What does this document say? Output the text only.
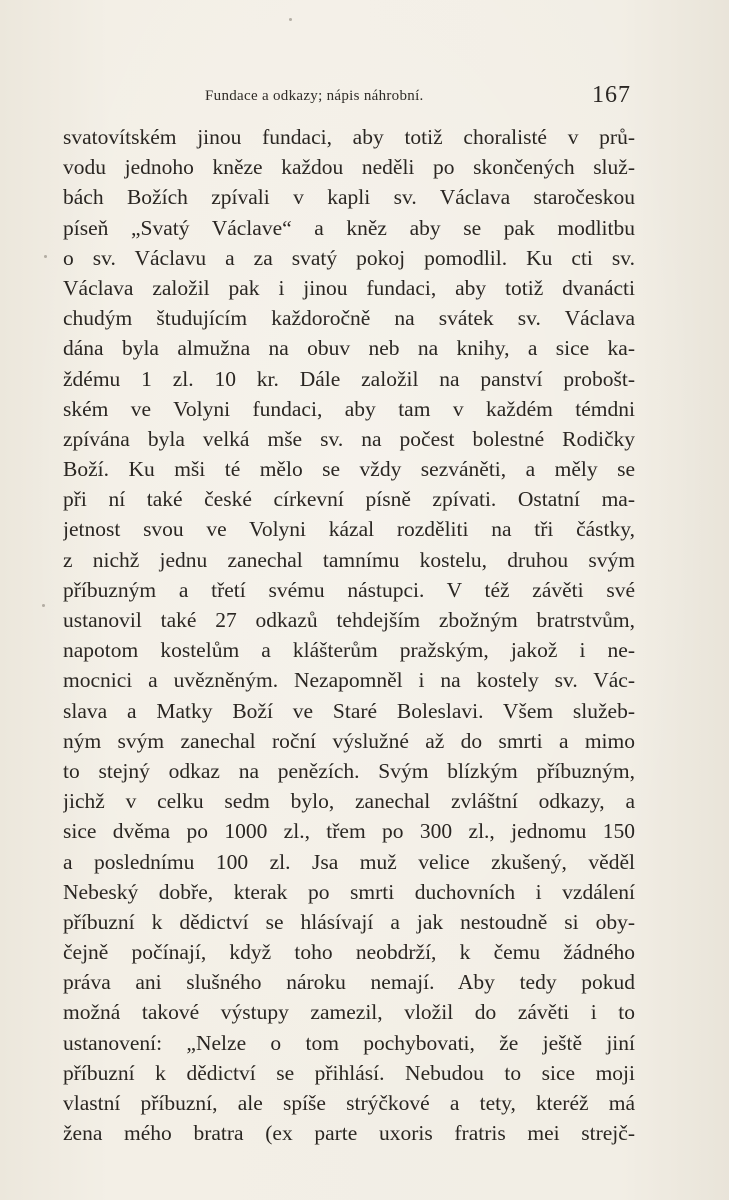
Fundace a odkazy; nápis náhrobní.	167
svatovítském jinou fundaci, aby totiž choralisté v prů-
vodu jednoho kněze každou neděli po skončených služ-
bách Božích zpívali v kapli sv. Václava staročeskou
píseň „Svatý Václave“ a kněz aby se pak modlitbu
o sv. Václavu a za svatý pokoj pomodlil. Ku cti sv.
Václava založil pak i jinou fundaci, aby totiž dvanácti
chudým študujícím každoročně na svátek sv. Václava
dána byla almužna na obuv neb na knihy, a sice ka-
ždému 1 zl. 10 kr. Dále založil na panství probošt-
ském ve Volyni fundaci, aby tam v každém témdni
zpívána byla velká mše sv. na počest bolestné Rodičky
Boží. Ku mši té mělo se vždy sezváněti, a měly se
při ní také české církevní písně zpívati. Ostatní ma-
jetnost svou ve Volyni kázal rozděliti na tři částky,
z nichž jednu zanechal tamnímu kostelu, druhou svým
příbuzným a třetí svému nástupci. V též závěti své
ustanovil také 27 odkazů tehdejším zbožným bratrstvům,
napotom kostelům a klášterům pražským, jakož i ne-
mocnici a uvězněným. Nezapomněl i na kostely sv. Vác-
slava a Matky Boží ve Staré Boleslavi. Všem služeb-
ným svým zanechal roční výslužné až do smrti a mimo
to stejný odkaz na penězích. Svým blízkým příbuzným,
jichž v celku sedm bylo, zanechal zvláštní odkazy, a
sice dvěma po 1000 zl., třem po 300 zl., jednomu 150
a poslednímu 100 zl. Jsa muž velice zkušený, věděl
Nebeský dobře, kterak po smrti duchovních i vzdálení
příbuzní k dědictví se hlásívají a jak nestoudně si oby-
čejně počínají, když toho neobdrží, k čemu žádného
práva ani slušného nároku nemají. Aby tedy pokud
možná takové výstupy zamezil, vložil do závěti i to
ustanovení: „Nelze o tom pochybovati, že ještě jiní
příbuzní k dědictví se přihlásí. Nebudou to sice moji
vlastní příbuzní, ale spíše strýčkové a tety, kteréž má
žena mého bratra (ex parte uxoris fratris mei strejč-
